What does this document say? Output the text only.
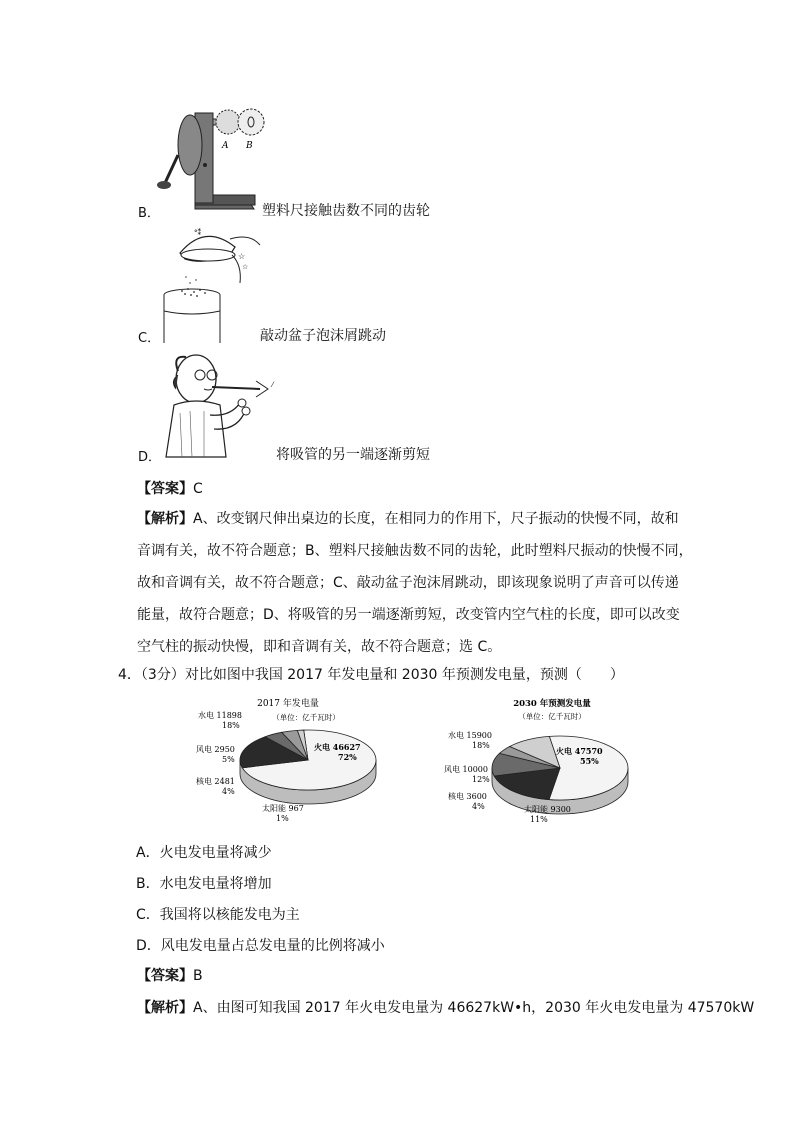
A B
B．	塑料尺接触齿数不同的齿轮
☆
☆
°⁑
C．	敲动盆子泡沫屑跳动
⁄
D．	将吸管的另一端逐渐剪短
【答案】C
【解析】A、改变钢尺伸出桌边的长度，在相同力的作用下，尺子振动的快慢不同，故和
音调有关，故不符合题意；B、塑料尺接触齿数不同的齿轮，此时塑料尺振动的快慢不同，
故和音调有关，故不符合题意；C、敲动盆子泡沫屑跳动，即该现象说明了声音可以传递
能量，故符合题意；D、将吸管的另一端逐渐剪短，改变管内空气柱的长度，即可以改变
空气柱的振动快慢，即和音调有关，故不符合题意；选 C。
4．（3分）对比如图中我国 2017 年发电量和 2030 年预测发电量，预测（　　）
2017 年发电量
（单位：亿千瓦时）
火电 46627
72%
水电 11898
18%
风电 2950
5%
核电 2481
4%
太阳能 967
1%
2030 年预测发电量
（单位：亿千瓦时）
火电 47570
55%
水电 15900
18%
风电 10000
12%
核电 3600
4%	太阳能 9300
11%
A．火电发电量将减少
B．水电发电量将增加
C．我国将以核能发电为主
D．风电发电量占总发电量的比例将减小
【答案】B
【解析】A、由图可知我国 2017 年火电发电量为 46627kW•h，2030 年火电发电量为 47570kW
